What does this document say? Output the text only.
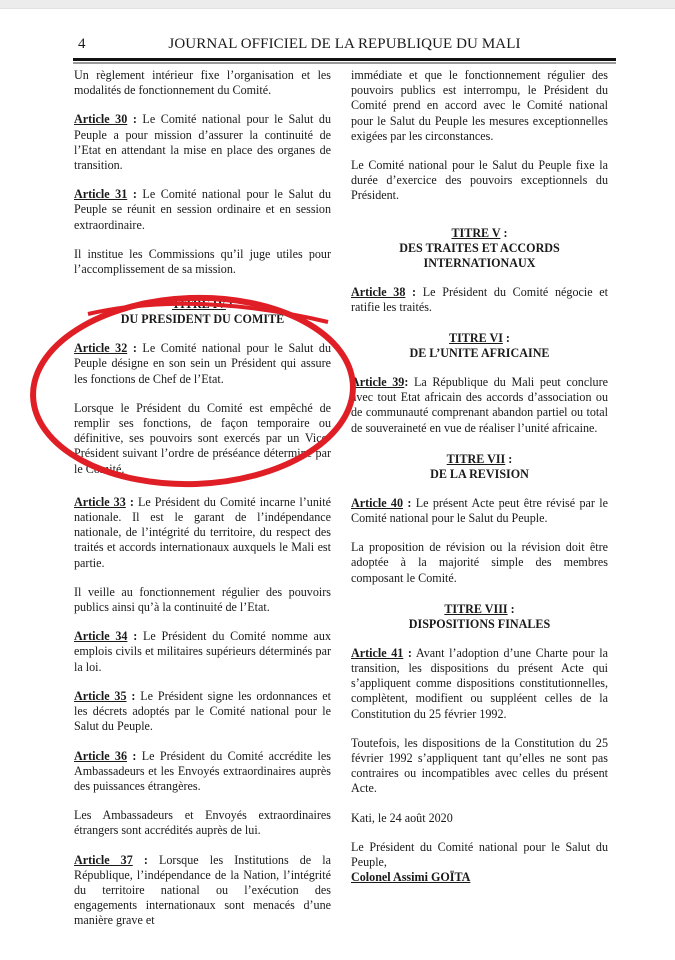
4	JOURNAL OFFICIEL DE LA REPUBLIQUE DU MALI

Un règlement intérieur fixe l’organisation et les modalités de fonctionnement du Comité.

Article 30 : Le Comité national pour le Salut du Peuple a pour mission d’assurer la continuité de l’Etat en attendant la mise en place des organes de transition.

Article 31 : Le Comité national pour le Salut du Peuple se réunit en session ordinaire et en session extraordinaire.

Il institue les Commissions qu’il juge utiles pour l’accomplissement de sa mission.

TITRE IV :
DU PRESIDENT DU COMITE

Article 32 : Le Comité national pour le Salut du Peuple désigne en son sein un Président qui assure les fonctions de Chef de l’Etat.

Lorsque le Président du Comité est empêché de remplir ses fonctions, de façon temporaire ou définitive, ses pouvoirs sont exercés par un Vice-Président suivant l’ordre de préséance déterminé par le Comité.

Article 33 : Le Président du Comité incarne l’unité nationale. Il est le garant de l’indépendance nationale, de l’intégrité du territoire, du respect des traités et accords internationaux auxquels le Mali est partie.

Il veille au fonctionnement régulier des pouvoirs publics ainsi qu’à la continuité de l’Etat.

Article 34 : Le Président du Comité nomme aux emplois civils et militaires supérieurs déterminés par la loi.

Article 35 : Le Président signe les ordonnances et les décrets adoptés par le Comité national pour le Salut du Peuple.

Article 36 : Le Président du Comité accrédite les Ambassadeurs et les Envoyés extraordinaires auprès des puissances étrangères.

Les Ambassadeurs et Envoyés extraordinaires étrangers sont accrédités auprès de lui.

Article 37 : Lorsque les Institutions de la République, l’indépendance de la Nation, l’intégrité du territoire national ou l’exécution des engagements internationaux sont menacés d’une manière grave et

immédiate et que le fonctionnement régulier des pouvoirs publics est interrompu, le Président du Comité prend en accord avec le Comité national pour le Salut du Peuple les mesures exceptionnelles exigées par les circonstances.

Le Comité national pour le Salut du Peuple fixe la durée d’exercice des pouvoirs exceptionnels du Président.

TITRE V :
DES TRAITES ET ACCORDS INTERNATIONAUX

Article 38 : Le Président du Comité négocie et ratifie les traités.

TITRE VI :
DE L’UNITE AFRICAINE

Article 39: La République du Mali peut conclure avec tout Etat africain des accords d’association ou de communauté comprenant abandon partiel ou total de souveraineté en vue de réaliser l’unité africaine.

TITRE VII :
DE LA REVISION

Article 40 : Le présent Acte peut être révisé par le Comité national pour le Salut du Peuple.

La proposition de révision ou la révision doit être adoptée à la majorité simple des membres composant le Comité.

TITRE VIII :
DISPOSITIONS FINALES

Article 41 : Avant l’adoption d’une Charte pour la transition, les dispositions du présent Acte qui s’appliquent comme dispositions constitutionnelles, complètent, modifient ou suppléent celles de la Constitution du 25 février 1992.

Toutefois, les dispositions de la Constitution du 25 février 1992 s’appliquent tant qu’elles ne sont pas contraires ou incompatibles avec celles du présent Acte.

Kati, le 24 août 2020

Le Président du Comité national pour le Salut du Peuple,
Colonel Assimi GOÏTA
